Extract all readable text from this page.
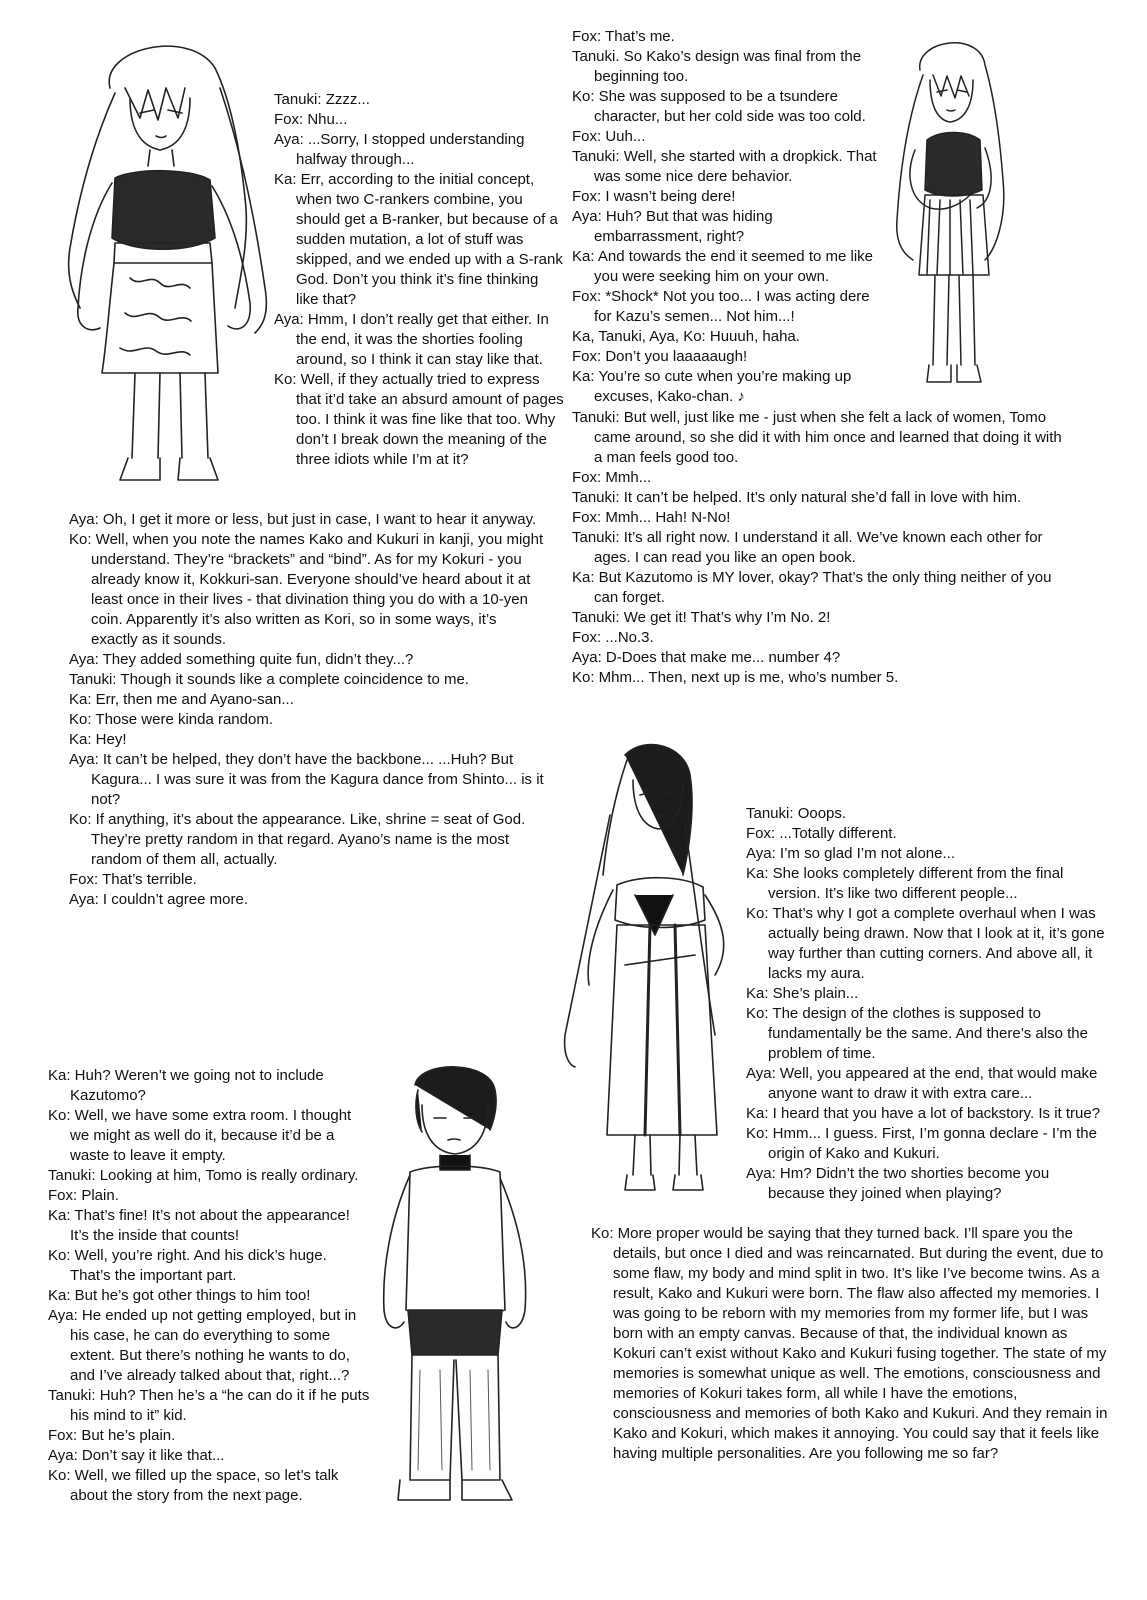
Tanuki: Zzzz...
Fox: Nhu...
Aya: ...Sorry, I stopped understanding halfway through...
Ka: Err, according to the initial concept, when two C-rankers combine, you should get a B-ranker, but because of a sudden mutation, a lot of stuff was skipped, and we ended up with a S-rank God. Don’t you think it’s fine thinking like that?
Aya: Hmm, I don’t really get that either. In the end, it was the shorties fooling around, so I think it can stay like that.
Ko: Well, if they actually tried to express that it’d take an absurd amount of pages too. I think it was fine like that too. Why don’t I break down the meaning of the three idiots while I’m at it?
Aya: Oh, I get it more or less, but just in case, I want to hear it anyway.
Ko: Well, when you note the names Kako and Kukuri in kanji, you might understand. They’re “brackets” and “bind”. As for my Kokuri - you already know it, Kokkuri-san. Everyone should’ve heard about it at least once in their lives - that divination thing you do with a 10-yen coin. Apparently it’s also written as Kori, so in some ways, it’s exactly as it sounds.
Aya: They added something quite fun, didn’t they...?
Tanuki: Though it sounds like a complete coincidence to me.
Ka: Err, then me and Ayano-san...
Ko: Those were kinda random.
Ka: Hey!
Aya: It can’t be helped, they don’t have the backbone... ...Huh? But Kagura... I was sure it was from the Kagura dance from Shinto... is it not?
Ko: If anything, it’s about the appearance. Like, shrine = seat of God. They’re pretty random in that regard. Ayano’s name is the most random of them all, actually.
Fox: That’s terrible.
Aya: I couldn’t agree more.
Fox: That’s me.
Tanuki. So Kako’s design was final from the beginning too.
Ko: She was supposed to be a tsundere character, but her cold side was too cold.
Fox: Uuh...
Tanuki: Well, she started with a dropkick. That was some nice dere behavior.
Fox: I wasn’t being dere!
Aya: Huh? But that was hiding embarrassment, right?
Ka: And towards the end it seemed to me like you were seeking him on your own.
Fox: *Shock* Not you too... I was acting dere for Kazu’s semen... Not him...!
Ka, Tanuki, Aya, Ko: Huuuh, haha.
Fox: Don’t you laaaaaugh!
Ka: You’re so cute when you’re making up excuses, Kako-chan. ♪
Tanuki: But well, just like me - just when she felt a lack of women, Tomo came around, so she did it with him once and learned that doing it with a man feels good too.
Fox: Mmh...
Tanuki: It can’t be helped. It’s only natural she’d fall in love with him.
Fox: Mmh... Hah! N-No!
Tanuki: It’s all right now. I understand it all. We’ve known each other for ages. I can read you like an open book.
Ka: But Kazutomo is MY lover, okay? That’s the only thing neither of you can forget.
Tanuki: We get it! That’s why I’m No. 2!
Fox: ...No.3.
Aya: D-Does that make me... number 4?
Ko: Mhm... Then, next up is me, who’s number 5.
Tanuki: Ooops.
Fox: ...Totally different.
Aya: I’m so glad I’m not alone...
Ka: She looks completely different from the final version. It’s like two different people...
Ko: That’s why I got a complete overhaul when I was actually being drawn. Now that I look at it, it’s gone way further than cutting corners. And above all, it lacks my aura.
Ka: She’s plain...
Ko: The design of the clothes is supposed to fundamentally be the same. And there’s also the problem of time.
Aya: Well, you appeared at the end, that would make anyone want to draw it with extra care...
Ka: I heard that you have a lot of backstory. Is it true?
Ko: Hmm... I guess. First, I’m gonna declare - I’m the origin of Kako and Kukuri.
Aya: Hm? Didn’t the two shorties become you because they joined when playing?
Ko: More proper would be saying that they turned back. I’ll spare you the details, but once I died and was reincarnated. But during the event, due to some flaw, my body and mind split in two. It’s like I’ve become twins. As a result, Kako and Kukuri were born. The flaw also affected my memories. I was going to be reborn with my memories from my former life, but I was born with an empty canvas. Because of that, the individual known as Kokuri can’t exist without Kako and Kukuri fusing together. The state of my memories is somewhat unique as well. The emotions, consciousness and memories of Kokuri takes form, all while I have the emotions, consciousness and memories of both Kako and Kukuri. And they remain in Kako and Kokuri, which makes it annoying. You could say that it feels like having multiple personalities. Are you following me so far?
Ka: Huh? Weren’t we going not to include Kazutomo?
Ko: Well, we have some extra room. I thought we might as well do it, because it’d be a waste to leave it empty.
Tanuki: Looking at him, Tomo is really ordinary.
Fox: Plain.
Ka: That’s fine! It’s not about the appearance! It’s the inside that counts!
Ko: Well, you’re right. And his dick’s huge. That’s the important part.
Ka: But he’s got other things to him too!
Aya: He ended up not getting employed, but in his case, he can do everything to some extent. But there’s nothing he wants to do, and I’ve already talked about that, right...?
Tanuki: Huh? Then he’s a “he can do it if he puts his mind to it” kid.
Fox: But he’s plain.
Aya: Don’t say it like that...
Ko: Well, we filled up the space, so let’s talk about the story from the next page.
